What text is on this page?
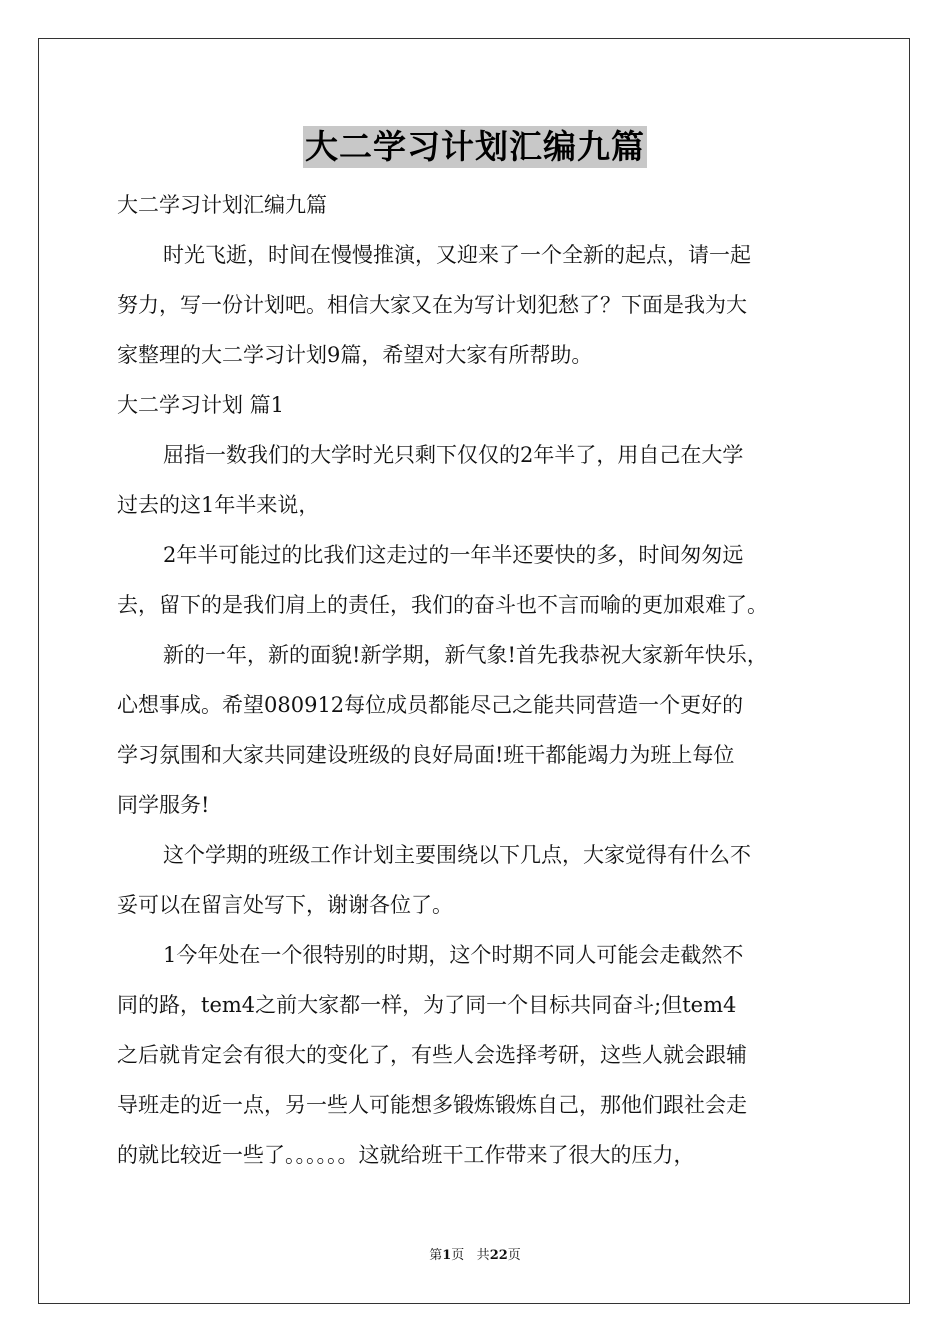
大二学习计划汇编九篇
大二学习计划汇编九篇
时光飞逝，时间在慢慢推演，又迎来了一个全新的起点，请一起
努力，写一份计划吧。相信大家又在为写计划犯愁了？下面是我为大
家整理的大二学习计划9篇，希望对大家有所帮助。
大二学习计划 篇1
屈指一数我们的大学时光只剩下仅仅的2年半了，用自己在大学
过去的这1年半来说，
2年半可能过的比我们这走过的一年半还要快的多，时间匆匆远
去，留下的是我们肩上的责任，我们的奋斗也不言而喻的更加艰难了。
新的一年，新的面貌!新学期，新气象!首先我恭祝大家新年快乐，
心想事成。希望080912每位成员都能尽己之能共同营造一个更好的
学习氛围和大家共同建设班级的良好局面!班干都能竭力为班上每位
同学服务!
这个学期的班级工作计划主要围绕以下几点，大家觉得有什么不
妥可以在留言处写下，谢谢各位了。
1今年处在一个很特别的时期，这个时期不同人可能会走截然不
同的路，tem4之前大家都一样，为了同一个目标共同奋斗;但tem4
之后就肯定会有很大的变化了，有些人会选择考研，这些人就会跟辅
导班走的近一点，另一些人可能想多锻炼锻炼自己，那他们跟社会走
的就比较近一些了。。。。。。这就给班干工作带来了很大的压力，
第1页 共22页
